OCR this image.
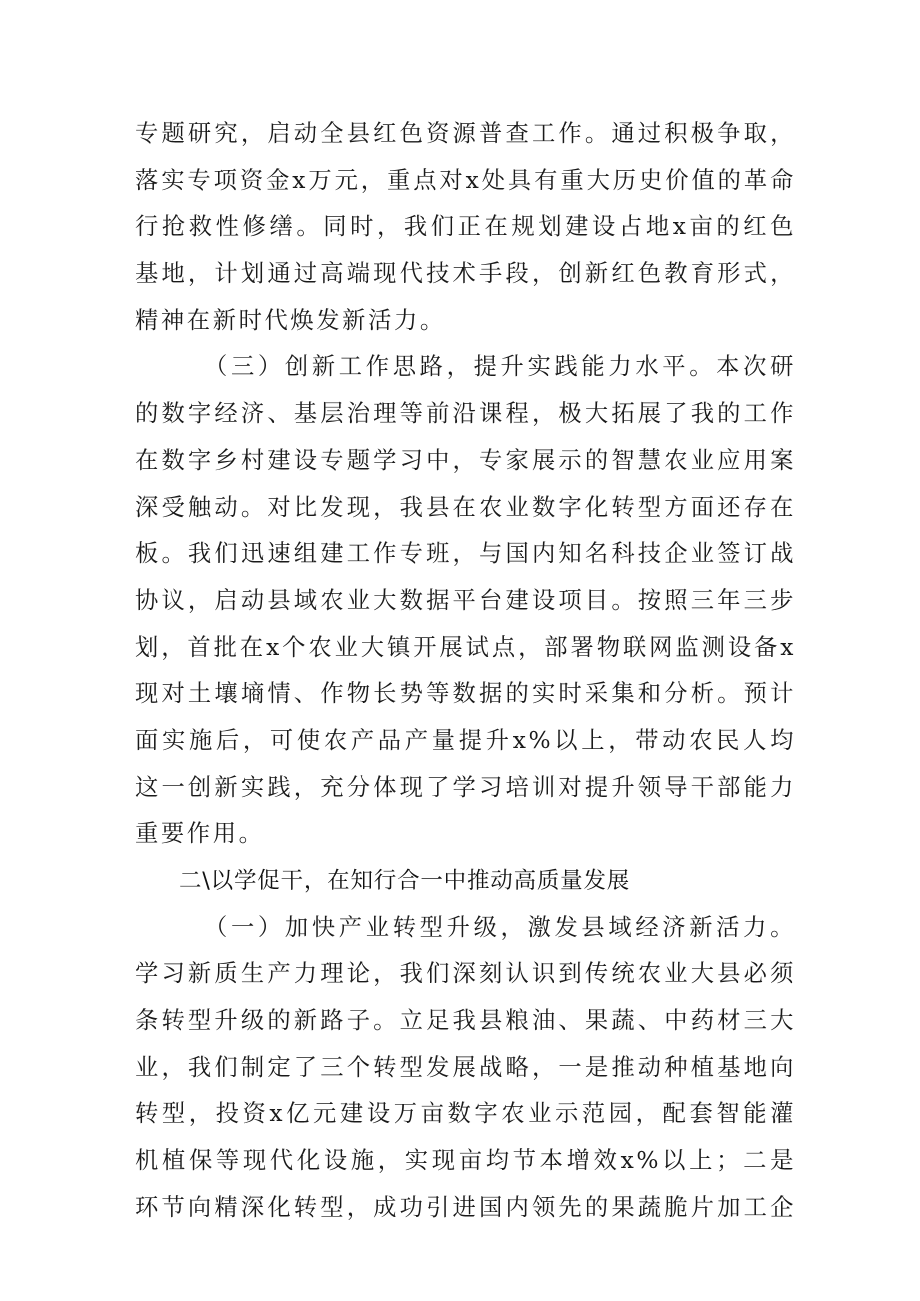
专题研究，启动全县红色资源普查工作。通过积极争取，
落实专项资金x万元，重点对x处具有重大历史价值的革命
行抢救性修缮。同时，我们正在规划建设占地x亩的红色
基地，计划通过高端现代技术手段，创新红色教育形式，
精神在新时代焕发新活力。
（三）创新工作思路，提升实践能力水平。本次研
的数字经济、基层治理等前沿课程，极大拓展了我的工作
在数字乡村建设专题学习中，专家展示的智慧农业应用案
深受触动。对比发现，我县在农业数字化转型方面还存在
板。我们迅速组建工作专班，与国内知名科技企业签订战
协议，启动县域农业大数据平台建设项目。按照三年三步
划，首批在x个农业大镇开展试点，部署物联网监测设备x
现对土壤墒情、作物长势等数据的实时采集和分析。预计
面实施后，可使农产品产量提升x%以上，带动农民人均
这一创新实践，充分体现了学习培训对提升领导干部能力
重要作用。
二\以学促干，在知行合一中推动高质量发展
（一）加快产业转型升级，激发县域经济新活力。
学习新质生产力理论，我们深刻认识到传统农业大县必须
条转型升级的新路子。立足我县粮油、果蔬、中药材三大
业，我们制定了三个转型发展战略，一是推动种植基地向
转型，投资x亿元建设万亩数字农业示范园，配套智能灌
机植保等现代化设施，实现亩均节本增效x%以上；二是
环节向精深化转型，成功引进国内领先的果蔬脆片加工企
